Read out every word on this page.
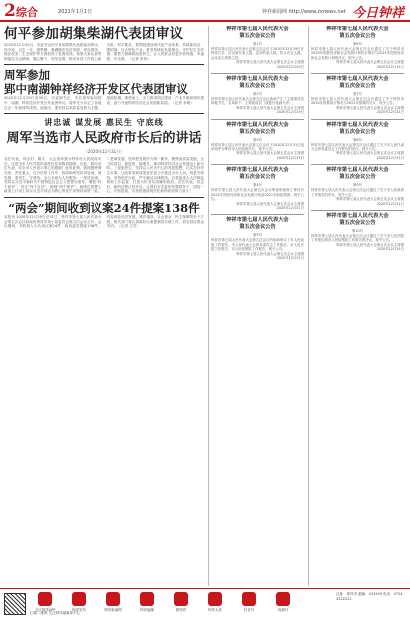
2 综合	2021年1月1日	钟祥新闻网 http://www.zxnews.net 今日钟祥
何平参加胡集柴湖代表团审议
2020年12月30日，市委书记何平来到胡集代表团参加审议。何平说，过去一年，胡集镇、柴湖镇在经济发展、项目建设、脱贫攻坚、生态保护等方面取得了显著成绩。希望大家认真贯彻落实全会精神，凝心聚力、攻坚克难，推动各项工作再上新台阶。何平要求，要围绕建设现代化产业体系，持续抓项目、强招商，壮大特色产业；要坚持绿色发展理念，守护好生态环境；要着力保障和改善民生，让人民群众有更多获得感、幸福感、安全感。（记者 张伟）
周军参加
郢中南湖钟祥经济开发区代表团审议
2020年12月29日至30日，市委副书记、市长周军参加郢中、南湖、钟祥经济开发区代表团审议。周军充分肯定了各地过去一年取得的成绩。他指出，要坚持以高质量发展为主题，抢抓机遇，乘势而上，全力推进项目建设、产业升级和城市建设，奋力开创钟祥经济社会发展新局面。（记者 李明）
讲忠诚 谋发展 惠民生 守底线
周军当选市人民政府市长后的讲话
（2020年12月31日）
各位代表，同志们：刚才，大会选举我为钟祥市人民政府市长，这是全市人民对我的高度信任和殷切期望。在此，我向各位代表、向全市人民表示衷心的感谢！此时此刻，我深感使命光荣、责任重大。在今后的工作中，我将始终坚持讲忠诚、谋发展、惠民生、守底线，全心全意为人民服务。一是讲忠诚。坚持以习近平新时代中国特色社会主义思想为指导，增强“四个意识”、坚定“四个自信”、做到“两个维护”，始终在思想上政治上行动上同以习近平同志为核心的党中央保持高度一致。二是谋发展。坚持把发展作为第一要务，聚焦高质量发展，全力抓项目、促投资、稳增长，推动钟祥经济社会发展迈上新台阶。三是惠民生。坚持以人民为中心的发展思想，扎实办好民生实事，让改革发展成果更多更公平惠及全市人民。四是守底线。坚持依法行政，严守廉洁自律底线，自觉接受人大法律监督和工作监督，打造为民务实清廉的政府。各位代表，同志们，新的征程已经开启，让我们在市委的坚强领导下，团结一心，开拓进取，为加快建设现代化新钟祥而努力奋斗！
“两会”期间收到议案24件提案138件
本报讯 2020年12月29日至31日，钟祥市第七届人民代表大会第五次会议和政协钟祥市第十届委员会第五次会议召开。会议期间，共收到人大代表议案24件、政协委员提案138件，内容涉及经济发展、城乡建设、社会事业、民生保障等多个方面。相关部门将认真做好议案提案的办理工作，切实回应群众关切。（记者 王芳）
钟祥市第七届人民代表大会
第五次会议公告
第1号
钟祥市第七届人民代表大会第五次会议于2020年12月29日在钟祥召开，应出席代表人数，实到代表人数，符合法定人数。会议由主席团主持。
钟祥市第七届人民代表大会第五次会议主席团
2020年12月29日
钟祥市第七届人民代表大会
第五次会议公告
第2号
钟祥市第七届人民代表大会第五次会议选举产生了主席团成员和秘书长，名单如下：主席团成员（按姓氏笔画为序）。
钟祥市第七届人民代表大会第五次会议主席团
2020年12月29日
钟祥市第七届人民代表大会
第五次会议公告
第3号
钟祥市第七届人民代表大会第五次会议于2020年12月31日选举周军为钟祥市人民政府市长，现予公告。
钟祥市第七届人民代表大会第五次会议主席团
2020年12月31日
钟祥市第七届人民代表大会
第五次会议公告
第4号
钟祥市第七届人民代表大会第五次会议审查和批准了钟祥市2021年国民经济和社会发展计划及2021年财政预算，现予公告。
钟祥市第七届人民代表大会第五次会议主席团
2020年12月31日
钟祥市第七届人民代表大会
第五次会议公告
第5号
钟祥市第七届人民代表大会第五次会议听取和审议了市人民政府工作报告、市人民代表大会常务委员会工作报告、市人民法院工作报告、市人民检察院工作报告，现予公告。
钟祥市第七届人民代表大会第五次会议主席团
2020年12月31日
钟祥市第七届人民代表大会
第五次会议公告
第6号
钟祥市第七届人民代表大会第五次会议通过了关于钟祥市2020年国民经济和社会发展计划执行情况与2021年国民经济和社会发展计划的决议，现予公告。
钟祥市第七届人民代表大会第五次会议主席团
2020年12月31日
钟祥市第七届人民代表大会
第五次会议公告
第7号
钟祥市第七届人民代表大会第五次会议通过了关于钟祥市2020年预算执行情况与2021年预算的决议，现予公告。
钟祥市第七届人民代表大会第五次会议主席团
2020年12月31日
钟祥市第七届人民代表大会
第五次会议公告
第8号
钟祥市第七届人民代表大会第五次会议通过了关于市人民代表大会常务委员会工作报告的决议，现予公告。
钟祥市第七届人民代表大会第五次会议主席团
2020年12月31日
钟祥市第七届人民代表大会
第五次会议公告
第9号
钟祥市第七届人民代表大会第五次会议通过了关于市人民政府工作报告的决议，现予公告。
钟祥市第七届人民代表大会第五次会议主席团
2020年12月31日
钟祥市第七届人民代表大会
第五次会议公告
第10号
钟祥市第七届人民代表大会第五次会议通过了关于市人民法院工作报告和市人民检察院工作报告的决议，现予公告。
钟祥市第七届人民代表大会第五次会议主席团
2020年12月31日
今日钟祥APP	钟祥发布	钟祥新闻网	钟祥融媒	微钟祥	钟祥头条	抖音号	视频号
扫描二维码 关注钟祥融媒体中心
社址：钟祥市 邮编：431900 电话：0724-4222222
